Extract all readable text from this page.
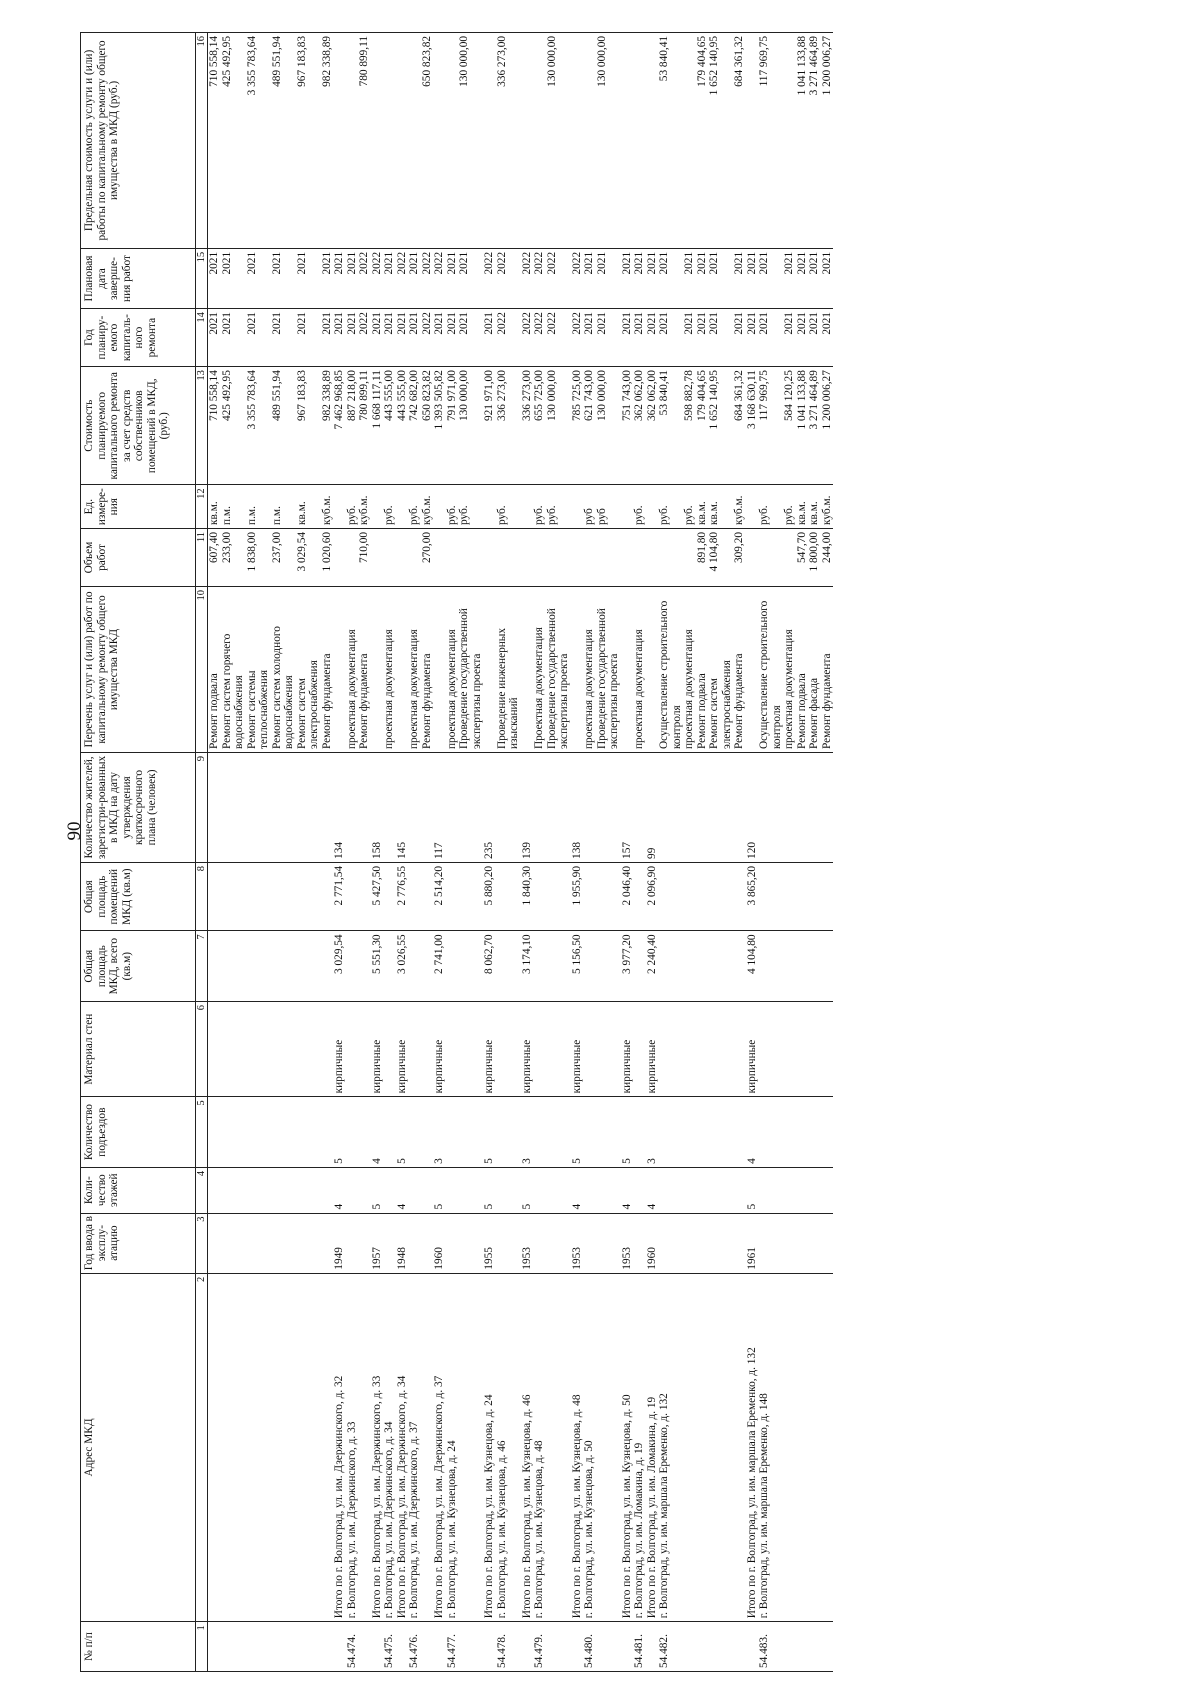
90
№ п/п	Адрес МКД	Год ввода в эксплу-атацию	Коли-чество этажей	Количество подъездов	Материал стен	Общая площадь МКД, всего (кв.м)	Общая площадь помещений МКД (кв.м)	Количество жителей, зарегистри-рованных в МКД на дату утверждения краткосрочного плана (человек)	Перечень услуг и (или) работ по капитальному ремонту общего имущества МКД	Объем работ	Ед. измере-ния	Стоимость планируемого капитального ремонта за счет средств собственников помещений в МКД, (руб.)	Год планиру-емого капиталь-ного ремонта	Плановая дата заверше-ния работ	Предельная стоимость услуги и (или) работы по капитальному ремонту общего имущества в МКД (руб.)
1	2	3	4	5	6	7	8	9	10	11	12	13	14	15	16
									Ремонт подвала	607,40	кв.м.	710 558,14	2021	2021	710 558,14
									Ремонт систем горячего водоснабжения	233,00	п.м.	425 492,95	2021	2021	425 492,95
									Ремонт системы теплоснабжения	1 838,00	п.м.	3 355 783,64	2021	2021	3 355 783,64
									Ремонт систем холодного водоснабжения	237,00	п.м.	489 551,94	2021	2021	489 551,94
									Ремонт систем электроснабжения	3 029,54	кв.м.	967 183,83	2021	2021	967 183,83
									Ремонт фундамента	1 020,60	куб.м.	982 338,89	2021	2021	982 338,89
	Итого по г. Волгоград, ул. им. Дзержинского, д. 32	1949	4	5	кирпичные	3 029,54	2 771,54	134				7 462 968,85	2021	2021	
54.474.	г. Волгоград, ул. им. Дзержинского, д. 33								проектная документация		руб.	887 218,00	2021	2021	
									Ремонт фундамента	710,00	куб.м.	780 899,11	2022	2022	780 899,11
	Итого по г. Волгоград, ул. им. Дзержинского, д. 33	1957	5	4	кирпичные	5 551,30	5 427,50	158				1 668 117,11	2021	2022	
54.475.	г. Волгоград, ул. им. Дзержинского, д. 34								проектная документация		руб.	443 555,00	2021	2021	
	Итого по г. Волгоград, ул. им. Дзержинского, д. 34	1948	4	5	кирпичные	3 026,55	2 776,55	145				443 555,00	2021	2022	
54.476.	г. Волгоград, ул. им. Дзержинского, д. 37								проектная документация		руб.	742 682,00	2021	2021	
									Ремонт фундамента	270,00	куб.м.	650 823,82	2022	2022	650 823,82
	Итого по г. Волгоград, ул. им. Дзержинского, д. 37	1960	5	3	кирпичные	2 741,00	2 514,20	117				1 393 505,82	2021	2022	
54.477.	г. Волгоград, ул. им. Кузнецова, д. 24								проектная документация		руб.	791 971,00	2021	2021	
									Проведение государственной экспертизы проекта		руб.	130 000,00	2021	2021	130 000,00
	Итого по г. Волгоград, ул. им. Кузнецова, д. 24	1955	5	5	кирпичные	8 062,70	5 880,20	235				921 971,00	2021	2022	
54.478.	г. Волгоград, ул. им. Кузнецова, д. 46								Проведение инженерных изысканий		руб.	336 273,00	2022	2022	336 273,00
	Итого по г. Волгоград, ул. им. Кузнецова, д. 46	1953	5	3	кирпичные	3 174,10	1 840,30	139				336 273,00	2022	2022	
54.479.	г. Волгоград, ул. им. Кузнецова, д. 48								Проектная документация		руб.	655 725,00	2022	2022	
									Проведение государственной экспертизы проекта		руб.	130 000,00	2022	2022	130 000,00
	Итого по г. Волгоград, ул. им. Кузнецова, д. 48	1953	4	5	кирпичные	5 156,50	1 955,90	138				785 725,00	2022	2022	
54.480.	г. Волгоград, ул. им. Кузнецова, д. 50								проектная документация		руб	621 743,00	2021	2021	
									Проведение государственной экспертизы проекта		руб	130 000,00	2021	2021	130 000,00
	Итого по г. Волгоград, ул. им. Кузнецова, д. 50	1953	4	5	кирпичные	3 977,20	2 046,40	157				751 743,00	2021	2021	
54.481.	г. Волгоград, ул. им. Ломакина, д. 19								проектная документация		руб.	362 062,00	2021	2021	
	Итого по г. Волгоград, ул. им. Ломакина, д. 19	1960	4	3	кирпичные	2 240,40	2 096,90	99				362 062,00	2021	2021	
54.482.	г. Волгоград, ул. им. маршала Еременко, д. 132								Осуществление строительного контроля		руб.	53 840,41	2021	2021	53 840,41
									проектная документация		руб.	598 882,78	2021	2021	
									Ремонт подвала	891,80	кв.м.	179 404,65	2021	2021	179 404,65
									Ремонт систем электроснабжения	4 104,80	кв.м.	1 652 140,95	2021	2021	1 652 140,95
									Ремонт фундамента	309,20	куб.м.	684 361,32	2021	2021	684 361,32
	Итого по г. Волгоград, ул. им. маршала Еременко, д. 132	1961	5	4	кирпичные	4 104,80	3 865,20	120				3 168 630,11	2021	2021	
54.483.	г. Волгоград, ул. им. маршала Еременко, д. 148								Осуществление строительного контроля		руб.	117 969,75	2021	2021	117 969,75
									проектная документация		руб.	584 120,25	2021	2021	
									Ремонт подвала	547,70	кв.м.	1 041 133,88	2021	2021	1 041 133,88
									Ремонт фасада	1 800,00	кв.м.	3 271 464,89	2021	2021	3 271 464,89
									Ремонт фундамента	244,00	куб.м.	1 200 006,27	2021	2021	1 200 006,27
